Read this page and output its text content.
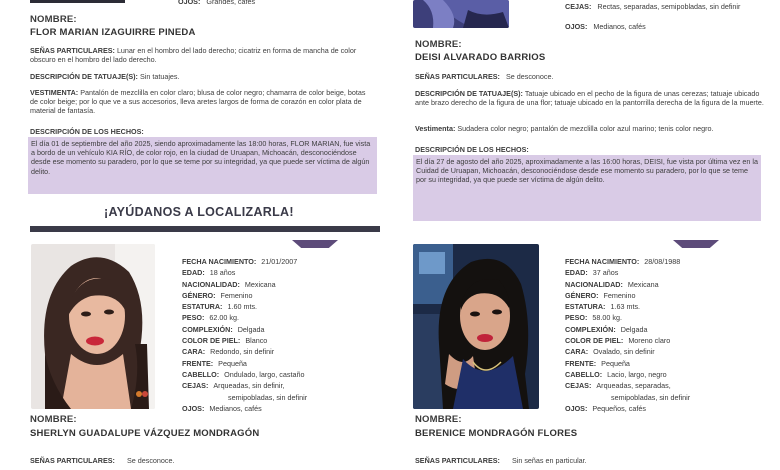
OJOS: Grandes, cafés
NOMBRE:
FLOR MARIAN IZAGUIRRE PINEDA
SEÑAS PARTICULARES: Lunar en el hombro del lado derecho; cicatriz en forma de mancha de color obscuro en el hombro del lado derecho.
DESCRIPCIÓN DE TATUAJE(S): Sin tatuajes.
VESTIMENTA: Pantalón de mezclilla en color claro; blusa de color negro; chamarra de color beige, botas de color beige; por lo que ve a sus accesorios, lleva aretes largos de forma de corazón en color plata de material de fantasía.
DESCRIPCIÓN DE LOS HECHOS:
El día 01 de septiembre del año 2025, siendo aproximadamente las 18:00 horas, FLOR MARIAN, fue vista a bordo de un vehículo KIA RÍO, de color rojo, en la ciudad de Uruapan, Michoacán, desconociéndose desde ese momento su paradero, por lo que se teme por su integridad, ya que puede ser víctima de algún delito.
¡AYÚDANOS A LOCALIZARLA!
CEJAS: Rectas, separadas, semipobladas, sin definir
OJOS: Medianos, cafés
NOMBRE:
DEISI ALVARADO BARRIOS
SEÑAS PARTICULARES: Se desconoce.
DESCRIPCIÓN DE TATUAJE(S): Tatuaje ubicado en el pecho de la figura de unas cerezas; tatuaje ubicado ante brazo derecho de la figura de una flor; tatuaje ubicado en la pantorrilla derecha de la figura de la muerte.
Vestimenta: Sudadera color negro; pantalón de mezclilla color azul marino; tenis color negro.
DESCRIPCIÓN DE LOS HECHOS:
El día 27 de agosto del año 2025, aproximadamente a las 16:00 horas, DEISI, fue vista por última vez en la Cuidad de Uruapan, Michoacán, desconociéndose desde ese momento su paradero, por lo que se teme por su integridad, ya que puede ser víctima de algún delito.
FECHA NACIMIENTO: 21/01/2007
EDAD: 18 años
NACIONALIDAD: Mexicana
GÉNERO: Femenino
ESTATURA: 1.60 mts.
PESO: 62.00 kg.
COMPLEXIÓN: Delgada
COLOR DE PIEL: Blanco
CARA: Redondo, sin definir
FRENTE: Pequeña
CABELLO: Ondulado, largo, castaño
CEJAS: Arqueadas, sin definir,
semipobladas, sin definir
OJOS: Medianos, cafés
NOMBRE:
SHERLYN GUADALUPE VÁZQUEZ MONDRAGÓN
SEÑAS PARTICULARES: Se desconoce.
FECHA NACIMIENTO: 28/08/1988
EDAD: 37 años
NACIONALIDAD: Mexicana
GÉNERO: Femenino
ESTATURA: 1.63 mts.
PESO: 58.00 kg.
COMPLEXIÓN: Delgada
COLOR DE PIEL: Moreno claro
CARA: Ovalado, sin definir
FRENTE: Pequeña
CABELLO: Lacio, largo, negro
CEJAS: Arqueadas, separadas,
semipobladas, sin definir
OJOS: Pequeños, cafés
NOMBRE:
BERENICE MONDRAGÓN FLORES
SEÑAS PARTICULARES: Sin señas en particular.
